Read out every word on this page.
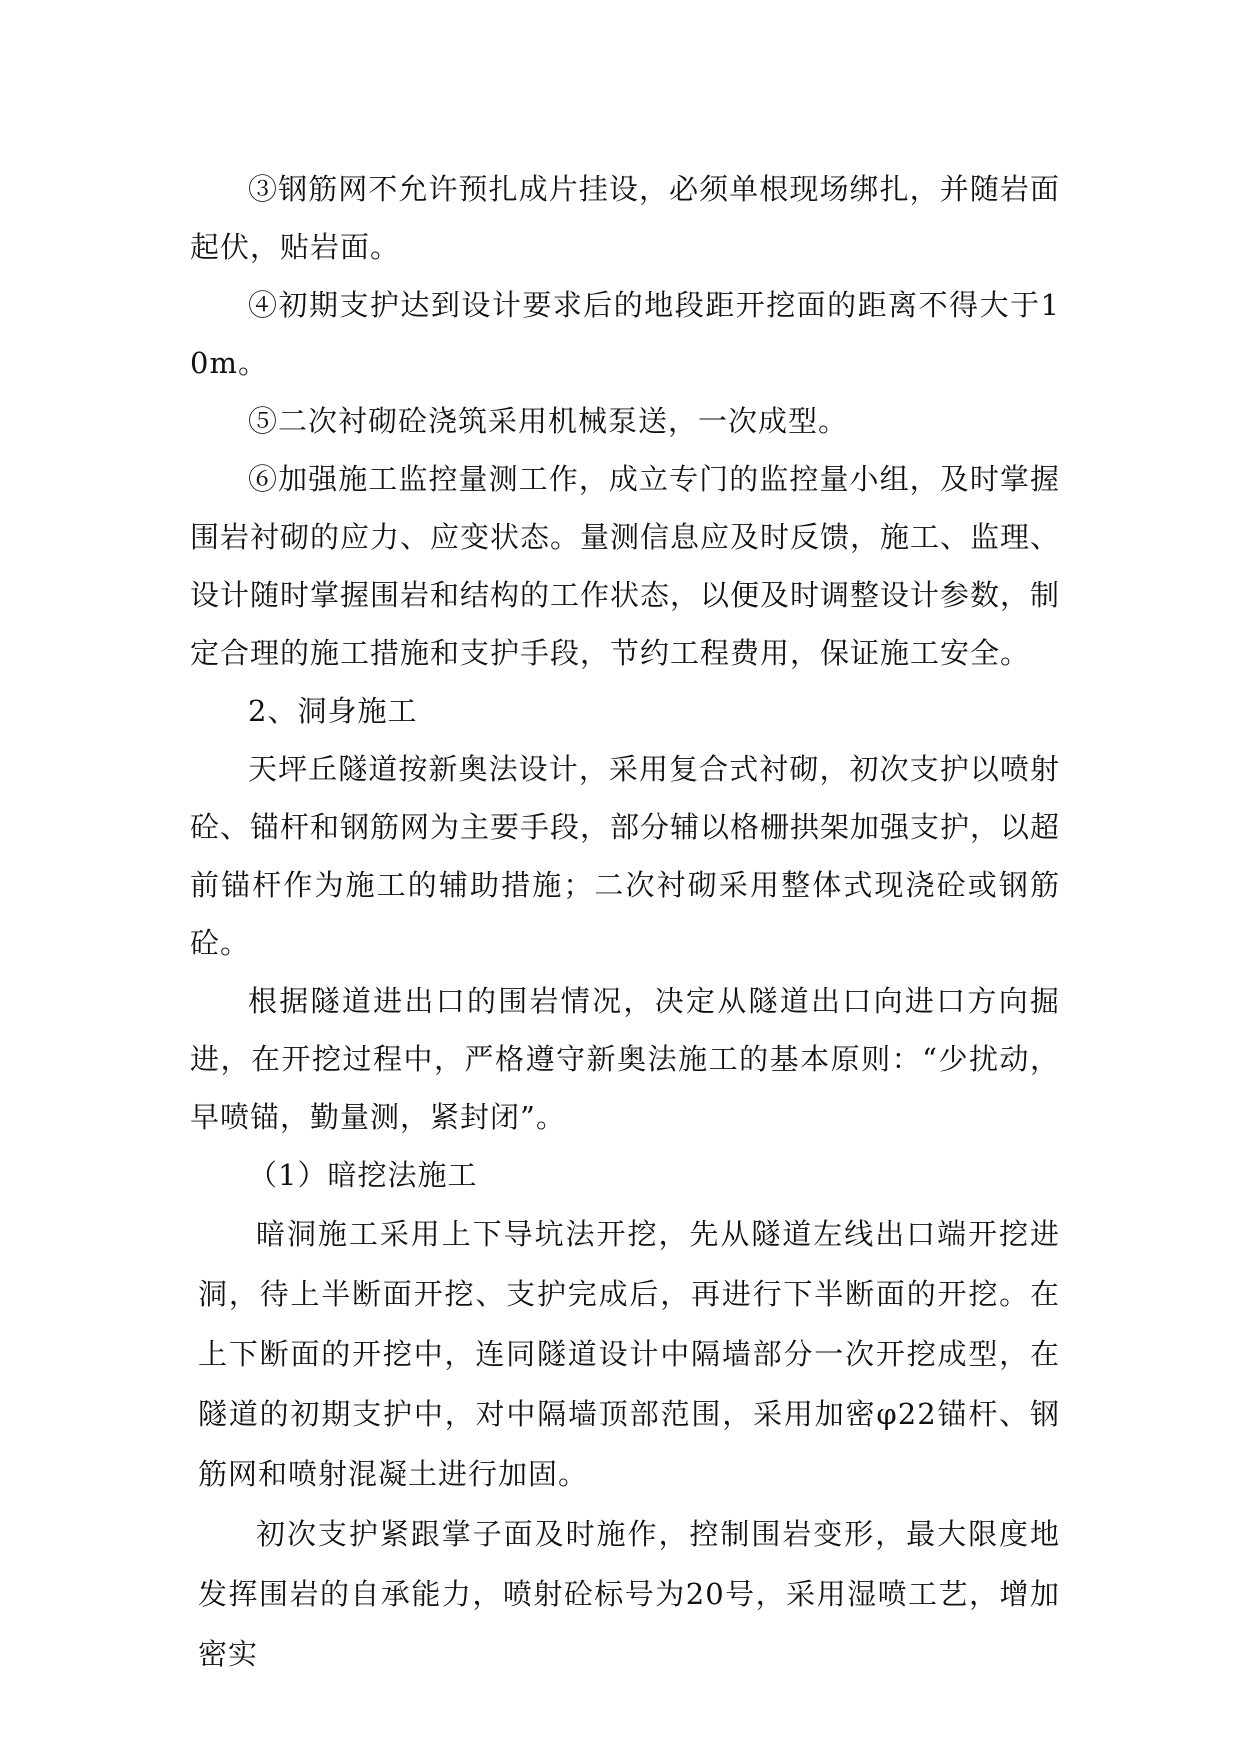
③钢筋网不允许预扎成片挂设，必须单根现场绑扎，并随岩面起伏，贴岩面。

④初期支护达到设计要求后的地段距开挖面的距离不得大于10m。

⑤二次衬砌砼浇筑采用机械泵送，一次成型。

⑥加强施工监控量测工作，成立专门的监控量小组，及时掌握围岩衬砌的应力、应变状态。量测信息应及时反馈，施工、监理、设计随时掌握围岩和结构的工作状态，以便及时调整设计参数，制定合理的施工措施和支护手段，节约工程费用，保证施工安全。

2、洞身施工

天坪丘隧道按新奥法设计，采用复合式衬砌，初次支护以喷射砼、锚杆和钢筋网为主要手段，部分辅以格栅拱架加强支护，以超前锚杆作为施工的辅助措施；二次衬砌采用整体式现浇砼或钢筋砼。

根据隧道进出口的围岩情况，决定从隧道出口向进口方向掘进，在开挖过程中，严格遵守新奥法施工的基本原则：“少扰动，早喷锚，勤量测，紧封闭”。

（1）暗挖法施工

暗洞施工采用上下导坑法开挖，先从隧道左线出口端开挖进洞，待上半断面开挖、支护完成后，再进行下半断面的开挖。在上下断面的开挖中，连同隧道设计中隔墙部分一次开挖成型，在隧道的初期支护中，对中隔墙顶部范围，采用加密φ22锚杆、钢筋网和喷射混凝土进行加固。

初次支护紧跟掌子面及时施作，控制围岩变形，最大限度地发挥围岩的自承能力，喷射砼标号为20号，采用湿喷工艺，增加密实
